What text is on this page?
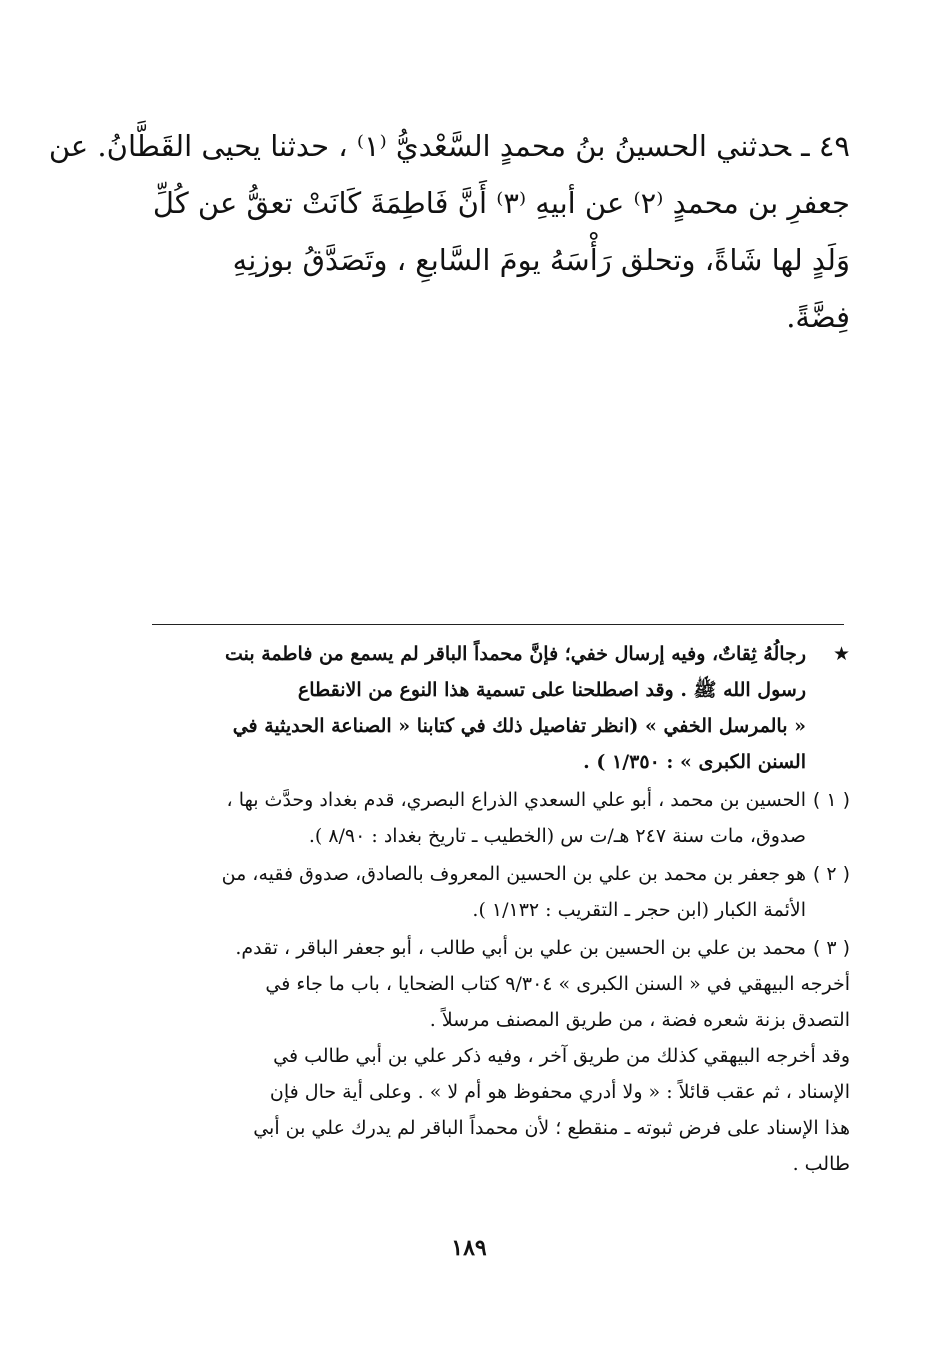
٤٩ ـحدثني الحسينُ بنُ محمدٍ السَّعْديُّ ⁽١⁾ ، حدثنا يحيى القَطَّانُ. عن
جعفرِ بن محمدٍ ⁽٢⁾ عن أبيهِ ⁽٣⁾ أَنَّ فَاطِمَةَ كَانَتْ تعقُّ عن كُلِّ
وَلَدٍ لها شَاةً، وتحلق رَأْسَهُ يومَ السَّابعِ ، وتَصَدَّقُ بوزنِهِ
فِضَّةً.
★
رجالُهُ ثِقاتٌ، وفيه إرسال خفي؛ فإنَّ محمداً الباقر لم يسمع من فاطمة بنت
رسول الله ﷺ . وقد اصطلحنا على تسمية هذا النوع من الانقطاع
« بالمرسل الخفي » (انظر تفاصيل ذلك في كتابنا « الصناعة الحديثية في
السنن الكبرى » : ١/٣٥٠ ) .
( ١ )
الحسين بن محمد ، أبو علي السعدي الذراع البصري، قدم بغداد وحدَّث بها ،
صدوق، مات سنة ٢٤٧ هـ/ت س (الخطيب ـ تاريخ بغداد : ٨/٩٠ ).
( ٢ )
هو جعفر بن محمد بن علي بن الحسين المعروف بالصادق، صدوق فقيه، من
الأئمة الكبار (ابن حجر ـ التقريب : ١/١٣٢ ).
( ٣ )
محمد بن علي بن الحسين بن علي بن أبي طالب ، أبو جعفر الباقر ، تقدم.
أخرجه البيهقي في « السنن الكبرى » ٩/٣٠٤ كتاب الضحايا ، باب ما جاء في
التصدق بزنة شعره فضة ، من طريق المصنف مرسلاً .
وقد أخرجه البيهقي كذلك من طريق آخر ، وفيه ذكر علي بن أبي طالب في
الإسناد ، ثم عقب قائلاً : « ولا أدري محفوظ هو أم لا » . وعلى أية حال فإن
هذا الإسناد على فرض ثبوته ـ منقطع ؛ لأن محمداً الباقر لم يدرك علي بن أبي
طالب .
١٨٩
